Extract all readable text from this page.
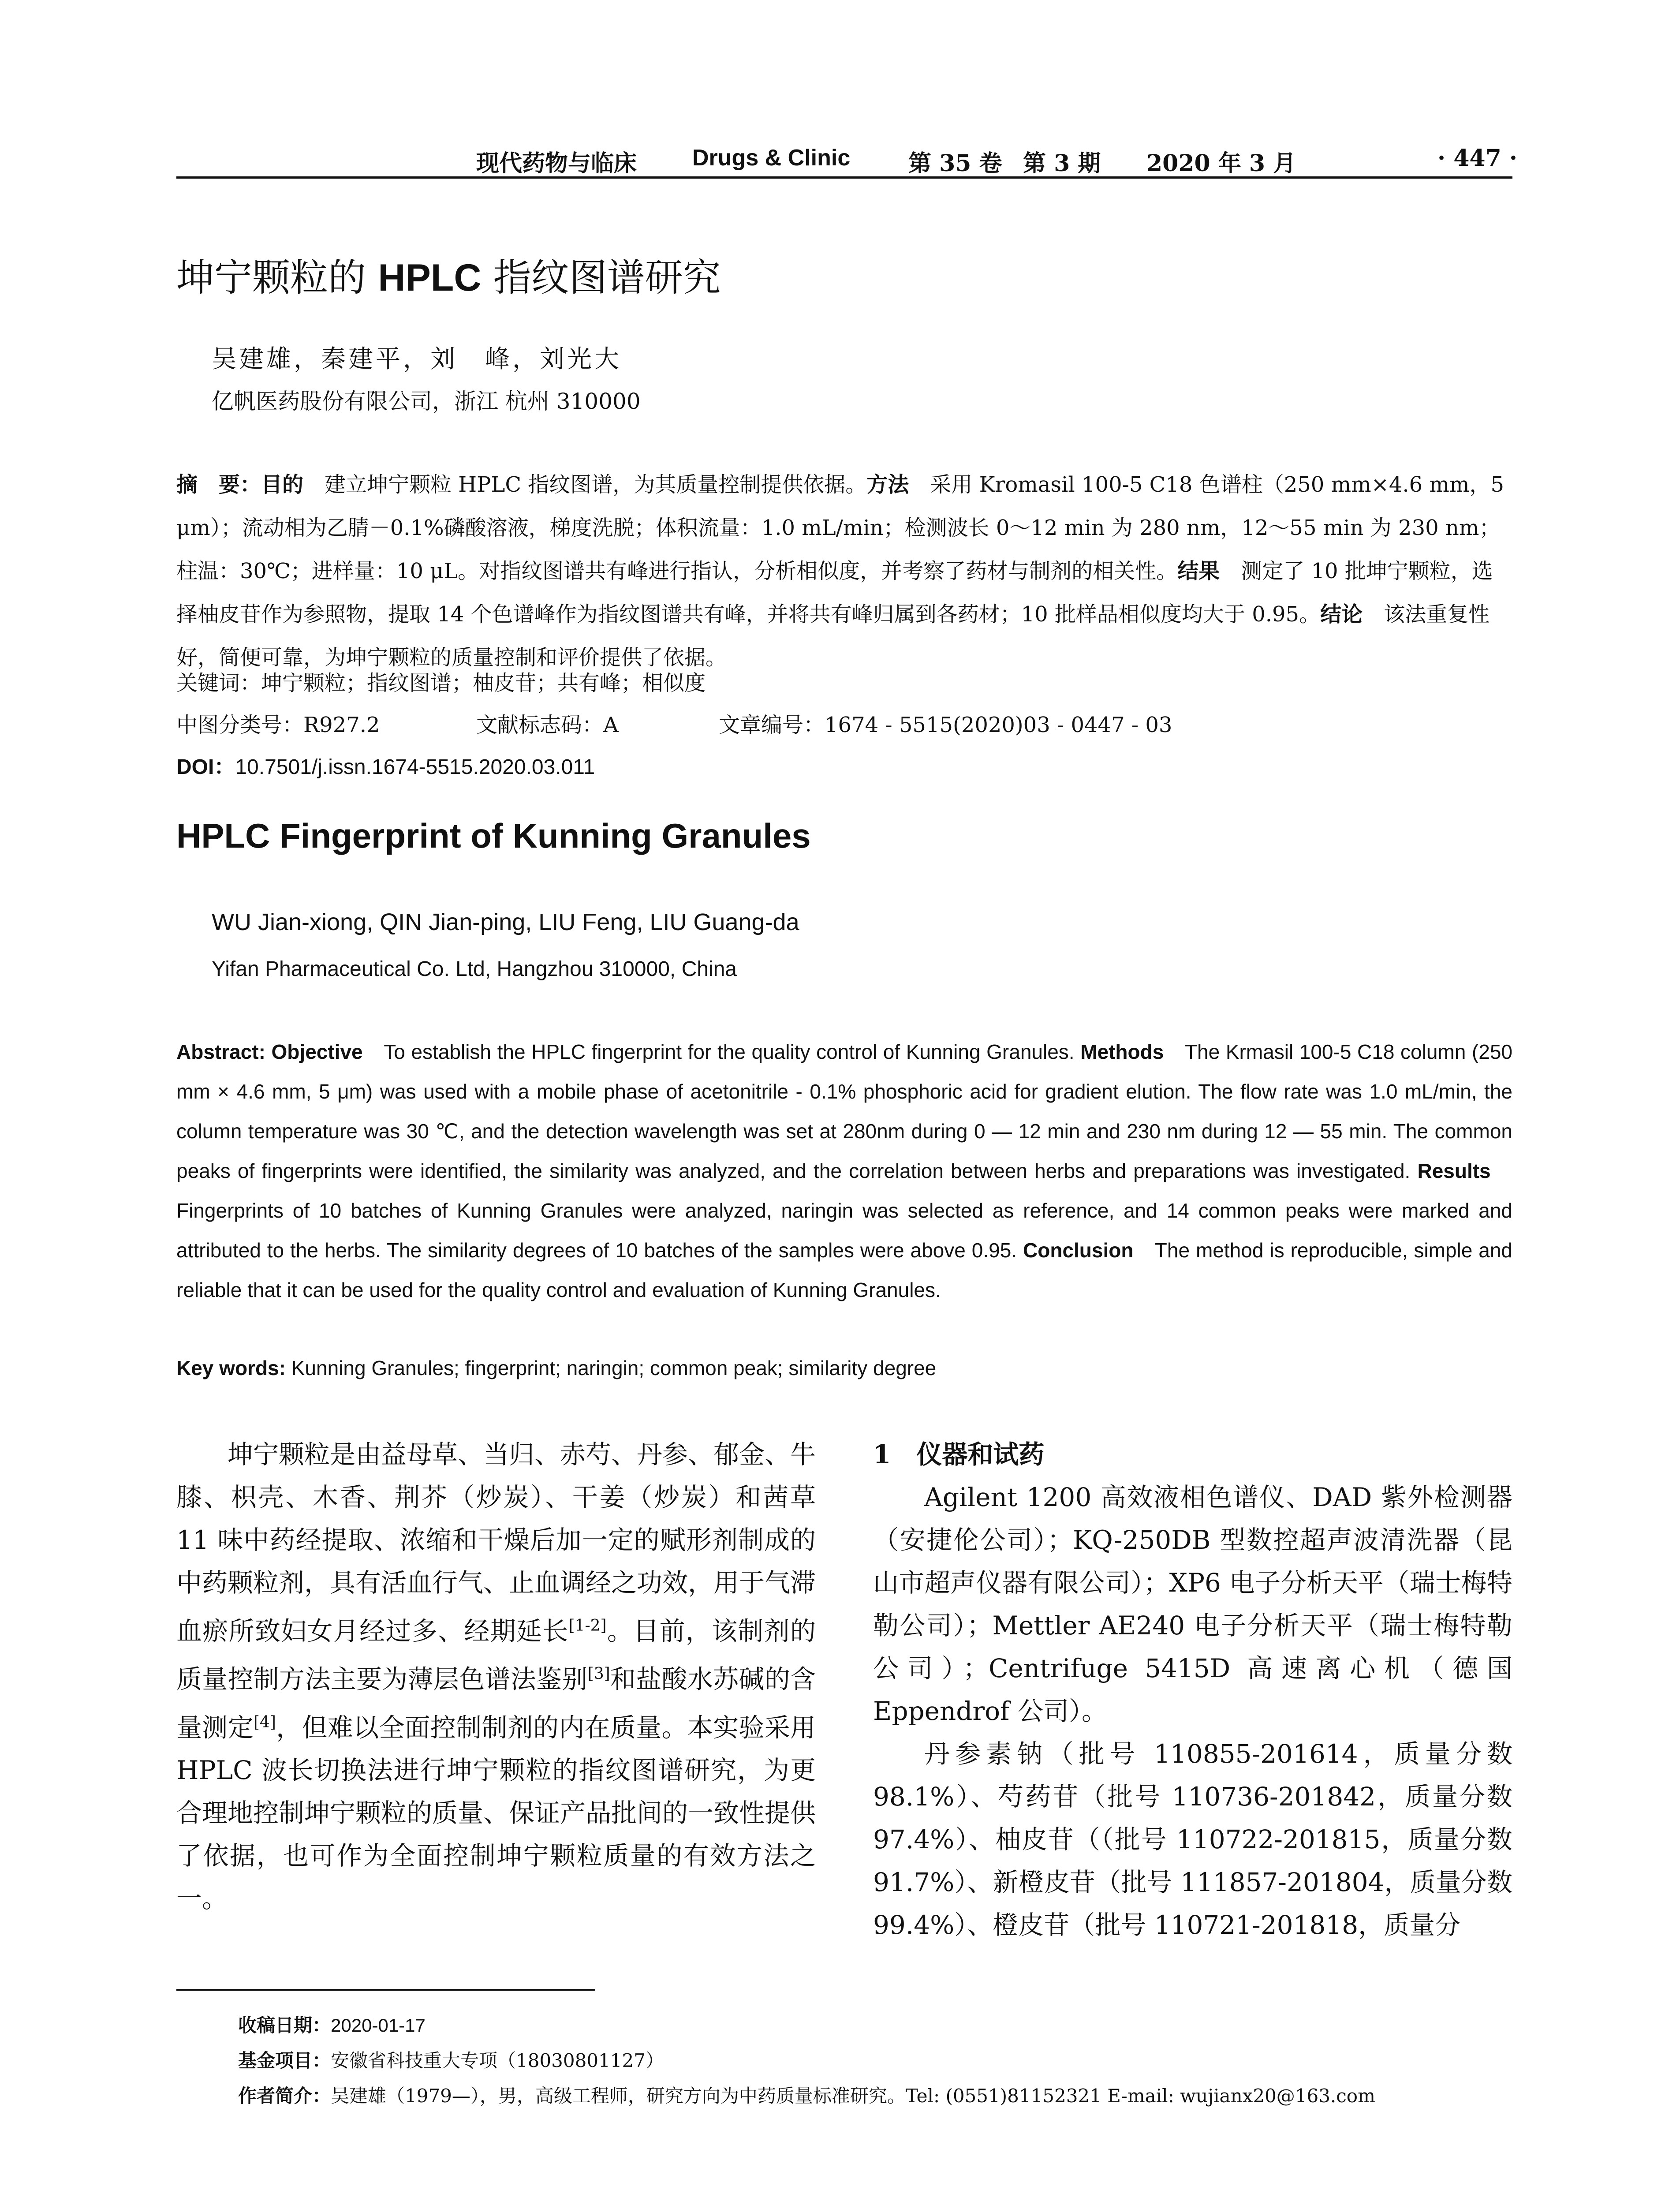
现代药物与临床 Drugs & Clinic	第 35 卷 第 3 期 2020 年 3 月	· 447 ·
坤宁颗粒的 HPLC 指纹图谱研究
吴建雄，秦建平，刘　峰，刘光大
亿帆医药股份有限公司，浙江 杭州 310000
摘　要：目的　建立坤宁颗粒 HPLC 指纹图谱，为其质量控制提供依据。方法　采用 Kromasil 100-5 C18 色谱柱（250 mm×4.6 mm，5 μm）；流动相为乙腈－0.1%磷酸溶液，梯度洗脱；体积流量：1.0 mL/min；检测波长 0～12 min 为 280 nm，12～55 min 为 230 nm；柱温：30℃；进样量：10 μL。对指纹图谱共有峰进行指认，分析相似度，并考察了药材与制剂的相关性。结果　测定了 10 批坤宁颗粒，选择柚皮苷作为参照物，提取 14 个色谱峰作为指纹图谱共有峰，并将共有峰归属到各药材；10 批样品相似度均大于 0.95。结论　该法重复性好，简便可靠，为坤宁颗粒的质量控制和评价提供了依据。
关键词：坤宁颗粒；指纹图谱；柚皮苷；共有峰；相似度
中图分类号：R927.2	文献标志码：A	文章编号：1674 - 5515(2020)03 - 0447 - 03
DOI：10.7501/j.issn.1674-5515.2020.03.011
HPLC Fingerprint of Kunning Granules
WU Jian-xiong, QIN Jian-ping, LIU Feng, LIU Guang-da
Yifan Pharmaceutical Co. Ltd, Hangzhou 310000, China
Abstract: Objective　To establish the HPLC fingerprint for the quality control of Kunning Granules. Methods　The Krmasil 100-5 C18 column (250 mm × 4.6 mm, 5 μm) was used with a mobile phase of acetonitrile - 0.1% phosphoric acid for gradient elution. The flow rate was 1.0 mL/min, the column temperature was 30 ℃, and the detection wavelength was set at 280nm during 0 — 12 min and 230 nm during 12 — 55 min. The common peaks of fingerprints were identified, the similarity was analyzed, and the correlation between herbs and preparations was investigated. Results　Fingerprints of 10 batches of Kunning Granules were analyzed, naringin was selected as reference, and 14 common peaks were marked and attributed to the herbs. The similarity degrees of 10 batches of the samples were above 0.95. Conclusion　The method is reproducible, simple and reliable that it can be used for the quality control and evaluation of Kunning Granules.
Key words: Kunning Granules; fingerprint; naringin; common peak; similarity degree
坤宁颗粒是由益母草、当归、赤芍、丹参、郁金、牛膝、枳壳、木香、荆芥（炒炭）、干姜（炒炭）和茜草 11 味中药经提取、浓缩和干燥后加一定的赋形剂制成的中药颗粒剂，具有活血行气、止血调经之功效，用于气滞血瘀所致妇女月经过多、经期延长[1-2]。目前，该制剂的质量控制方法主要为薄层色谱法鉴别[3]和盐酸水苏碱的含量测定[4]，但难以全面控制制剂的内在质量。本实验采用 HPLC 波长切换法进行坤宁颗粒的指纹图谱研究，为更合理地控制坤宁颗粒的质量、保证产品批间的一致性提供了依据，也可作为全面控制坤宁颗粒质量的有效方法之一。
1　仪器和试药
Agilent 1200 高效液相色谱仪、DAD 紫外检测器（安捷伦公司）；KQ-250DB 型数控超声波清洗器（昆山市超声仪器有限公司）；XP6 电子分析天平（瑞士梅特勒公司）；Mettler AE240 电子分析天平（瑞士梅特勒公司）；Centrifuge 5415D 高速离心机（德国 Eppendrof 公司）。
丹参素钠（批号 110855-201614，质量分数 98.1%）、芍药苷（批号 110736-201842，质量分数 97.4%）、柚皮苷（（批号 110722-201815，质量分数 91.7%）、新橙皮苷（批号 111857-201804，质量分数 99.4%）、橙皮苷（批号 110721-201818，质量分
收稿日期：2020-01-17
基金项目：安徽省科技重大专项（18030801127）
作者简介：吴建雄（1979—），男，高级工程师，研究方向为中药质量标准研究。Tel: (0551)81152321 E-mail: wujianx20@163.com
